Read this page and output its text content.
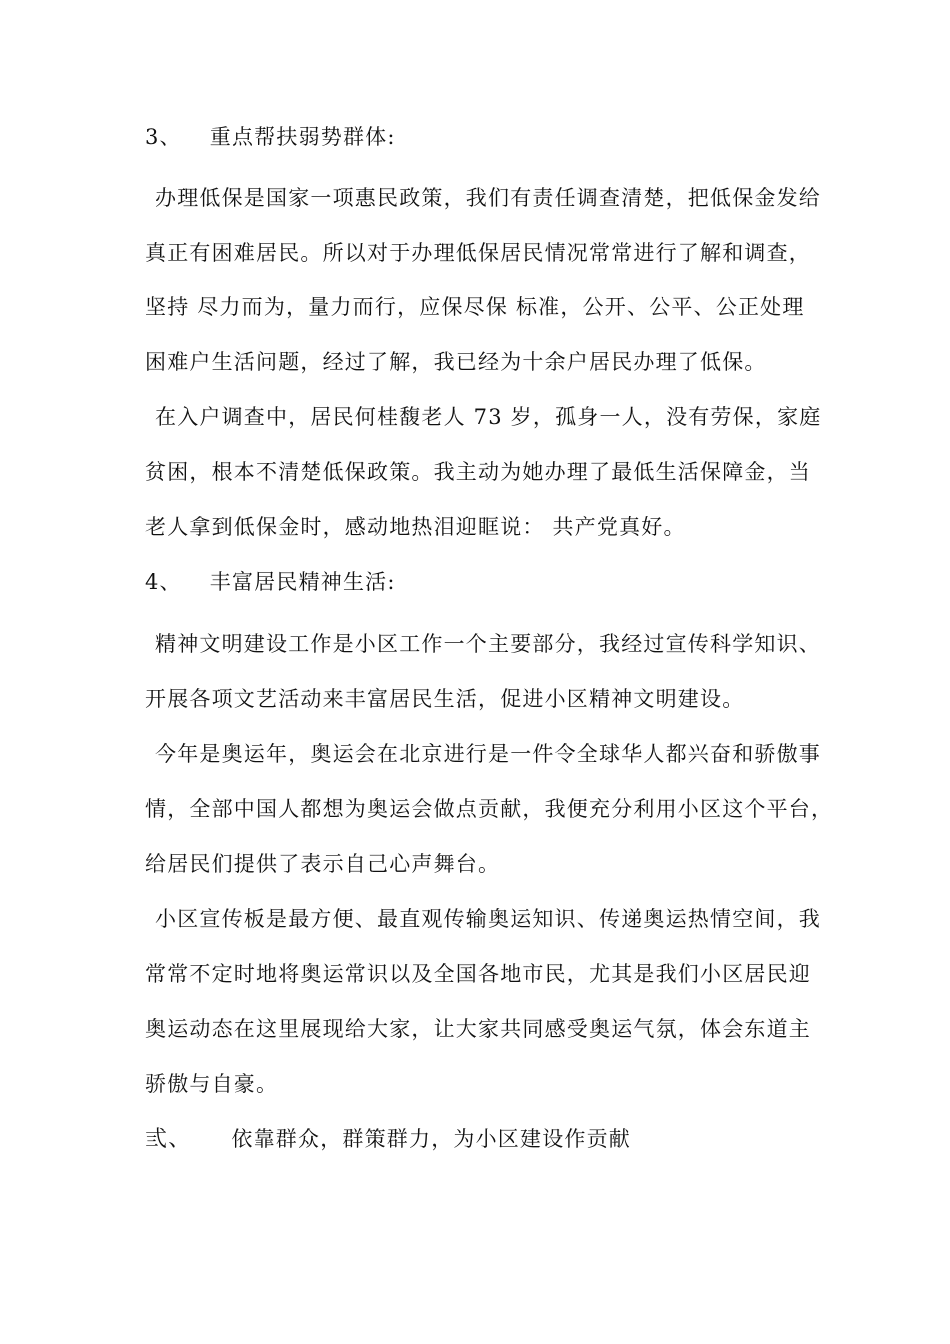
3、 重点帮扶弱势群体:
办理低保是国家一项惠民政策，我们有责任调查清楚，把低保金发给
真正有困难居民。所以对于办理低保居民情况常常进行了解和调查，
坚持 尽力而为，量力而行，应保尽保 标准，公开、公平、公正处理
困难户生活问题，经过了解，我已经为十余户居民办理了低保。
在入户调查中，居民何桂馥老人 73 岁，孤身一人，没有劳保，家庭
贫困，根本不清楚低保政策。我主动为她办理了最低生活保障金，当
老人拿到低保金时，感动地热泪迎眶说： 共产党真好。
4、 丰富居民精神生活:
精神文明建设工作是小区工作一个主要部分，我经过宣传科学知识、
开展各项文艺活动来丰富居民生活，促进小区精神文明建设。
今年是奥运年，奥运会在北京进行是一件令全球华人都兴奋和骄傲事
情，全部中国人都想为奥运会做点贡献，我便充分利用小区这个平台，
给居民们提供了表示自己心声舞台。
小区宣传板是最方便、最直观传输奥运知识、传递奥运热情空间，我
常常不定时地将奥运常识以及全国各地市民，尤其是我们小区居民迎
奥运动态在这里展现给大家，让大家共同感受奥运气氛，体会东道主
骄傲与自豪。
弎、 依靠群众，群策群力，为小区建设作贡献
